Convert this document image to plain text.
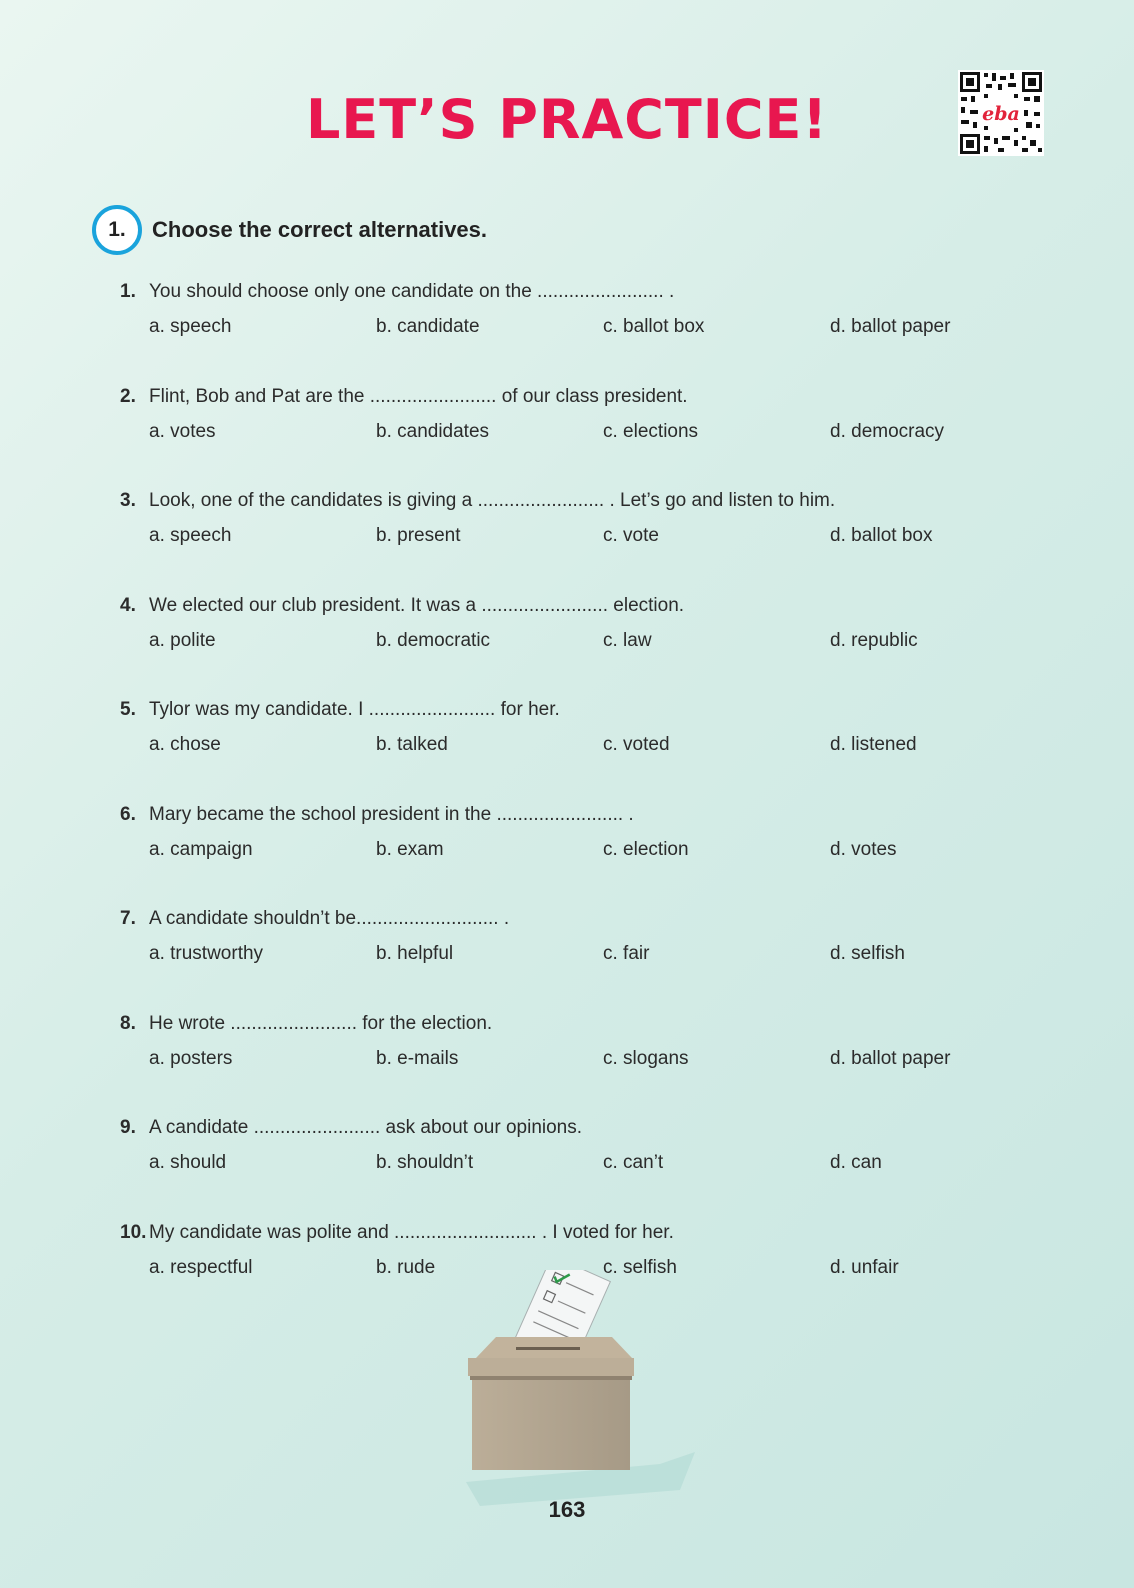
LET’S PRACTICE!	eba
1.	Choose the correct alternatives.
1. You should choose only one candidate on the ........................ .
a. speech	b. candidate	c. ballot box	d. ballot paper
2. Flint, Bob and Pat are the ........................ of our class president.
a. votes	b. candidates	c. elections	d. democracy
3. Look, one of the candidates is giving a ........................ . Let’s go and listen to him.
a. speech	b. present	c. vote	d. ballot box
4. We elected our club president. It was a ........................ election.
a. polite	b. democratic	c. law	d. republic
5. Tylor was my candidate. I ........................ for her.
a. chose	b. talked	c. voted	d. listened
6. Mary became the school president in the ........................ .
a. campaign	b. exam	c. election	d. votes
7. A candidate shouldn’t be........................... .
a. trustworthy	b. helpful	c. fair	d. selfish
8. He wrote ........................ for the election.
a. posters	b. e-mails	c. slogans	d. ballot paper
9. A candidate ........................ ask about our opinions.
a. should	b. shouldn’t	c. can’t	d. can
10. My candidate was polite and ........................... . I voted for her.
a. respectful	b. rude	c. selfish	d. unfair
163
